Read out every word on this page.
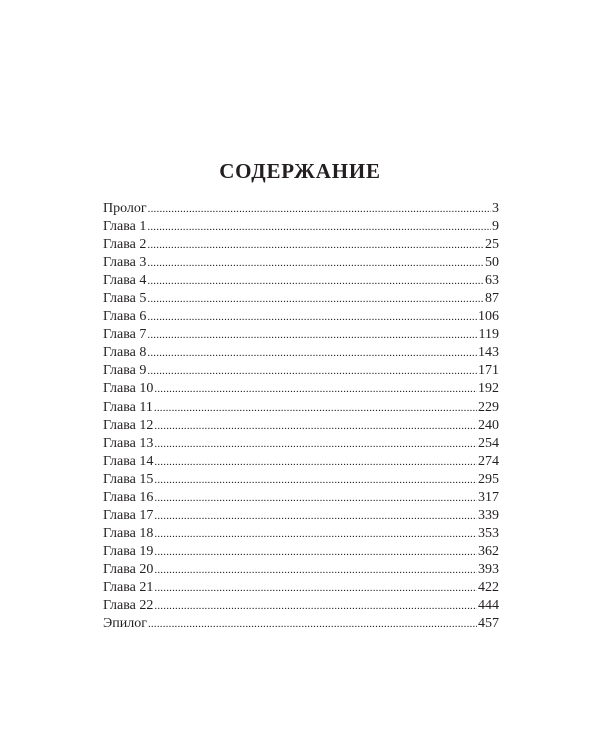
СОДЕРЖАНИЕ
Пролог .....	3
Глава 1 .....	9
Глава 2 .....	25
Глава 3 .....	50
Глава 4 .....	63
Глава 5 .....	87
Глава 6 .....	106
Глава 7 .....	119
Глава 8 .....	143
Глава 9 .....	171
Глава 10 .....	192
Глава 11 .....	229
Глава 12 .....	240
Глава 13 .....	254
Глава 14 .....	274
Глава 15 .....	295
Глава 16 .....	317
Глава 17 .....	339
Глава 18 .....	353
Глава 19 .....	362
Глава 20 .....	393
Глава 21 .....	422
Глава 22 .....	444
Эпилог .....	457
